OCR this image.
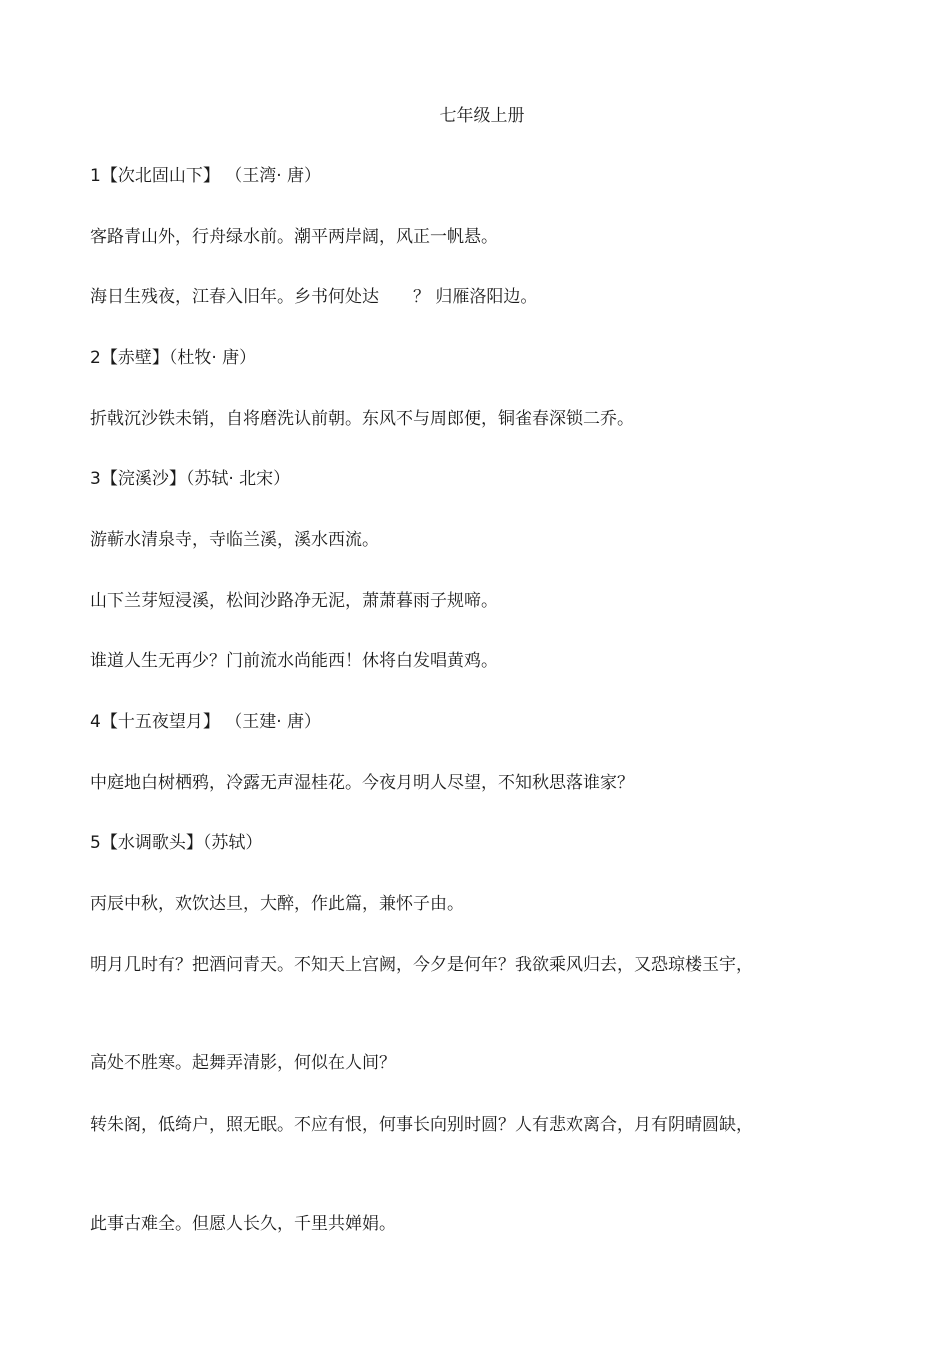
七年级上册
1【次北固山下】 （王湾· 唐）
客路青山外，行舟绿水前。潮平两岸阔，风正一帆悬。
海日生残夜，江春入旧年。乡书何处达 ？ 归雁洛阳边。
2【赤壁】（杜牧· 唐）
折戟沉沙铁未销，自将磨洗认前朝。东风不与周郎便，铜雀春深锁二乔。
3【浣溪沙】（苏轼· 北宋）
游蕲水清泉寺，寺临兰溪，溪水西流。
山下兰芽短浸溪，松间沙路净无泥，萧萧暮雨子规啼。
谁道人生无再少？门前流水尚能西！休将白发唱黄鸡。
4【十五夜望月】 （王建· 唐）
中庭地白树栖鸦，冷露无声湿桂花。今夜月明人尽望，不知秋思落谁家？
5【水调歌头】（苏轼）
丙辰中秋，欢饮达旦，大醉，作此篇，兼怀子由。
明月几时有？把酒问青天。不知天上宫阙，今夕是何年？我欲乘风归去，又恐琼楼玉宇，
高处不胜寒。起舞弄清影，何似在人间？
转朱阁，低绮户，照无眠。不应有恨，何事长向别时圆？人有悲欢离合，月有阴晴圆缺，
此事古难全。但愿人长久，千里共婵娟。
